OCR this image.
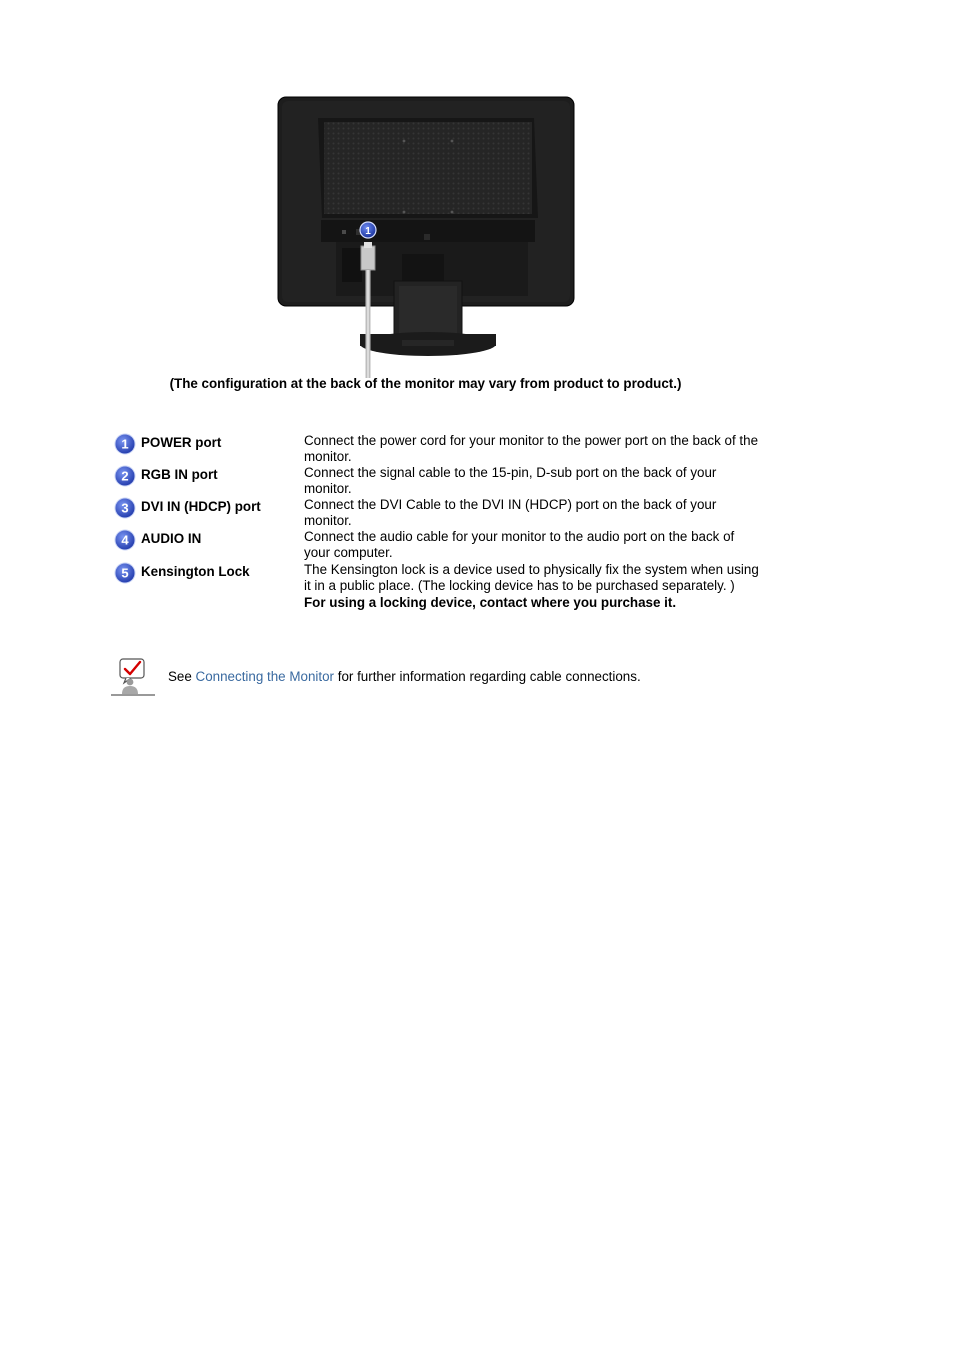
1
(The configuration at the back of the monitor may vary from product to product.)
1 POWER port	Connect the power cord for your monitor to the power port on the back of the monitor.
2 RGB IN port	Connect the signal cable to the 15-pin, D-sub port on the back of your monitor.
3 DVI IN (HDCP) port	Connect the DVI Cable to the DVI IN (HDCP) port on the back of your monitor.
4 AUDIO IN	Connect the audio cable for your monitor to the audio port on the back of your computer.
5 Kensington Lock	The Kensington lock is a device used to physically fix the system when using it in a public place. (The locking device has to be purchased separately. )
For using a locking device, contact where you purchase it.
See Connecting the Monitor for further information regarding cable connections.
